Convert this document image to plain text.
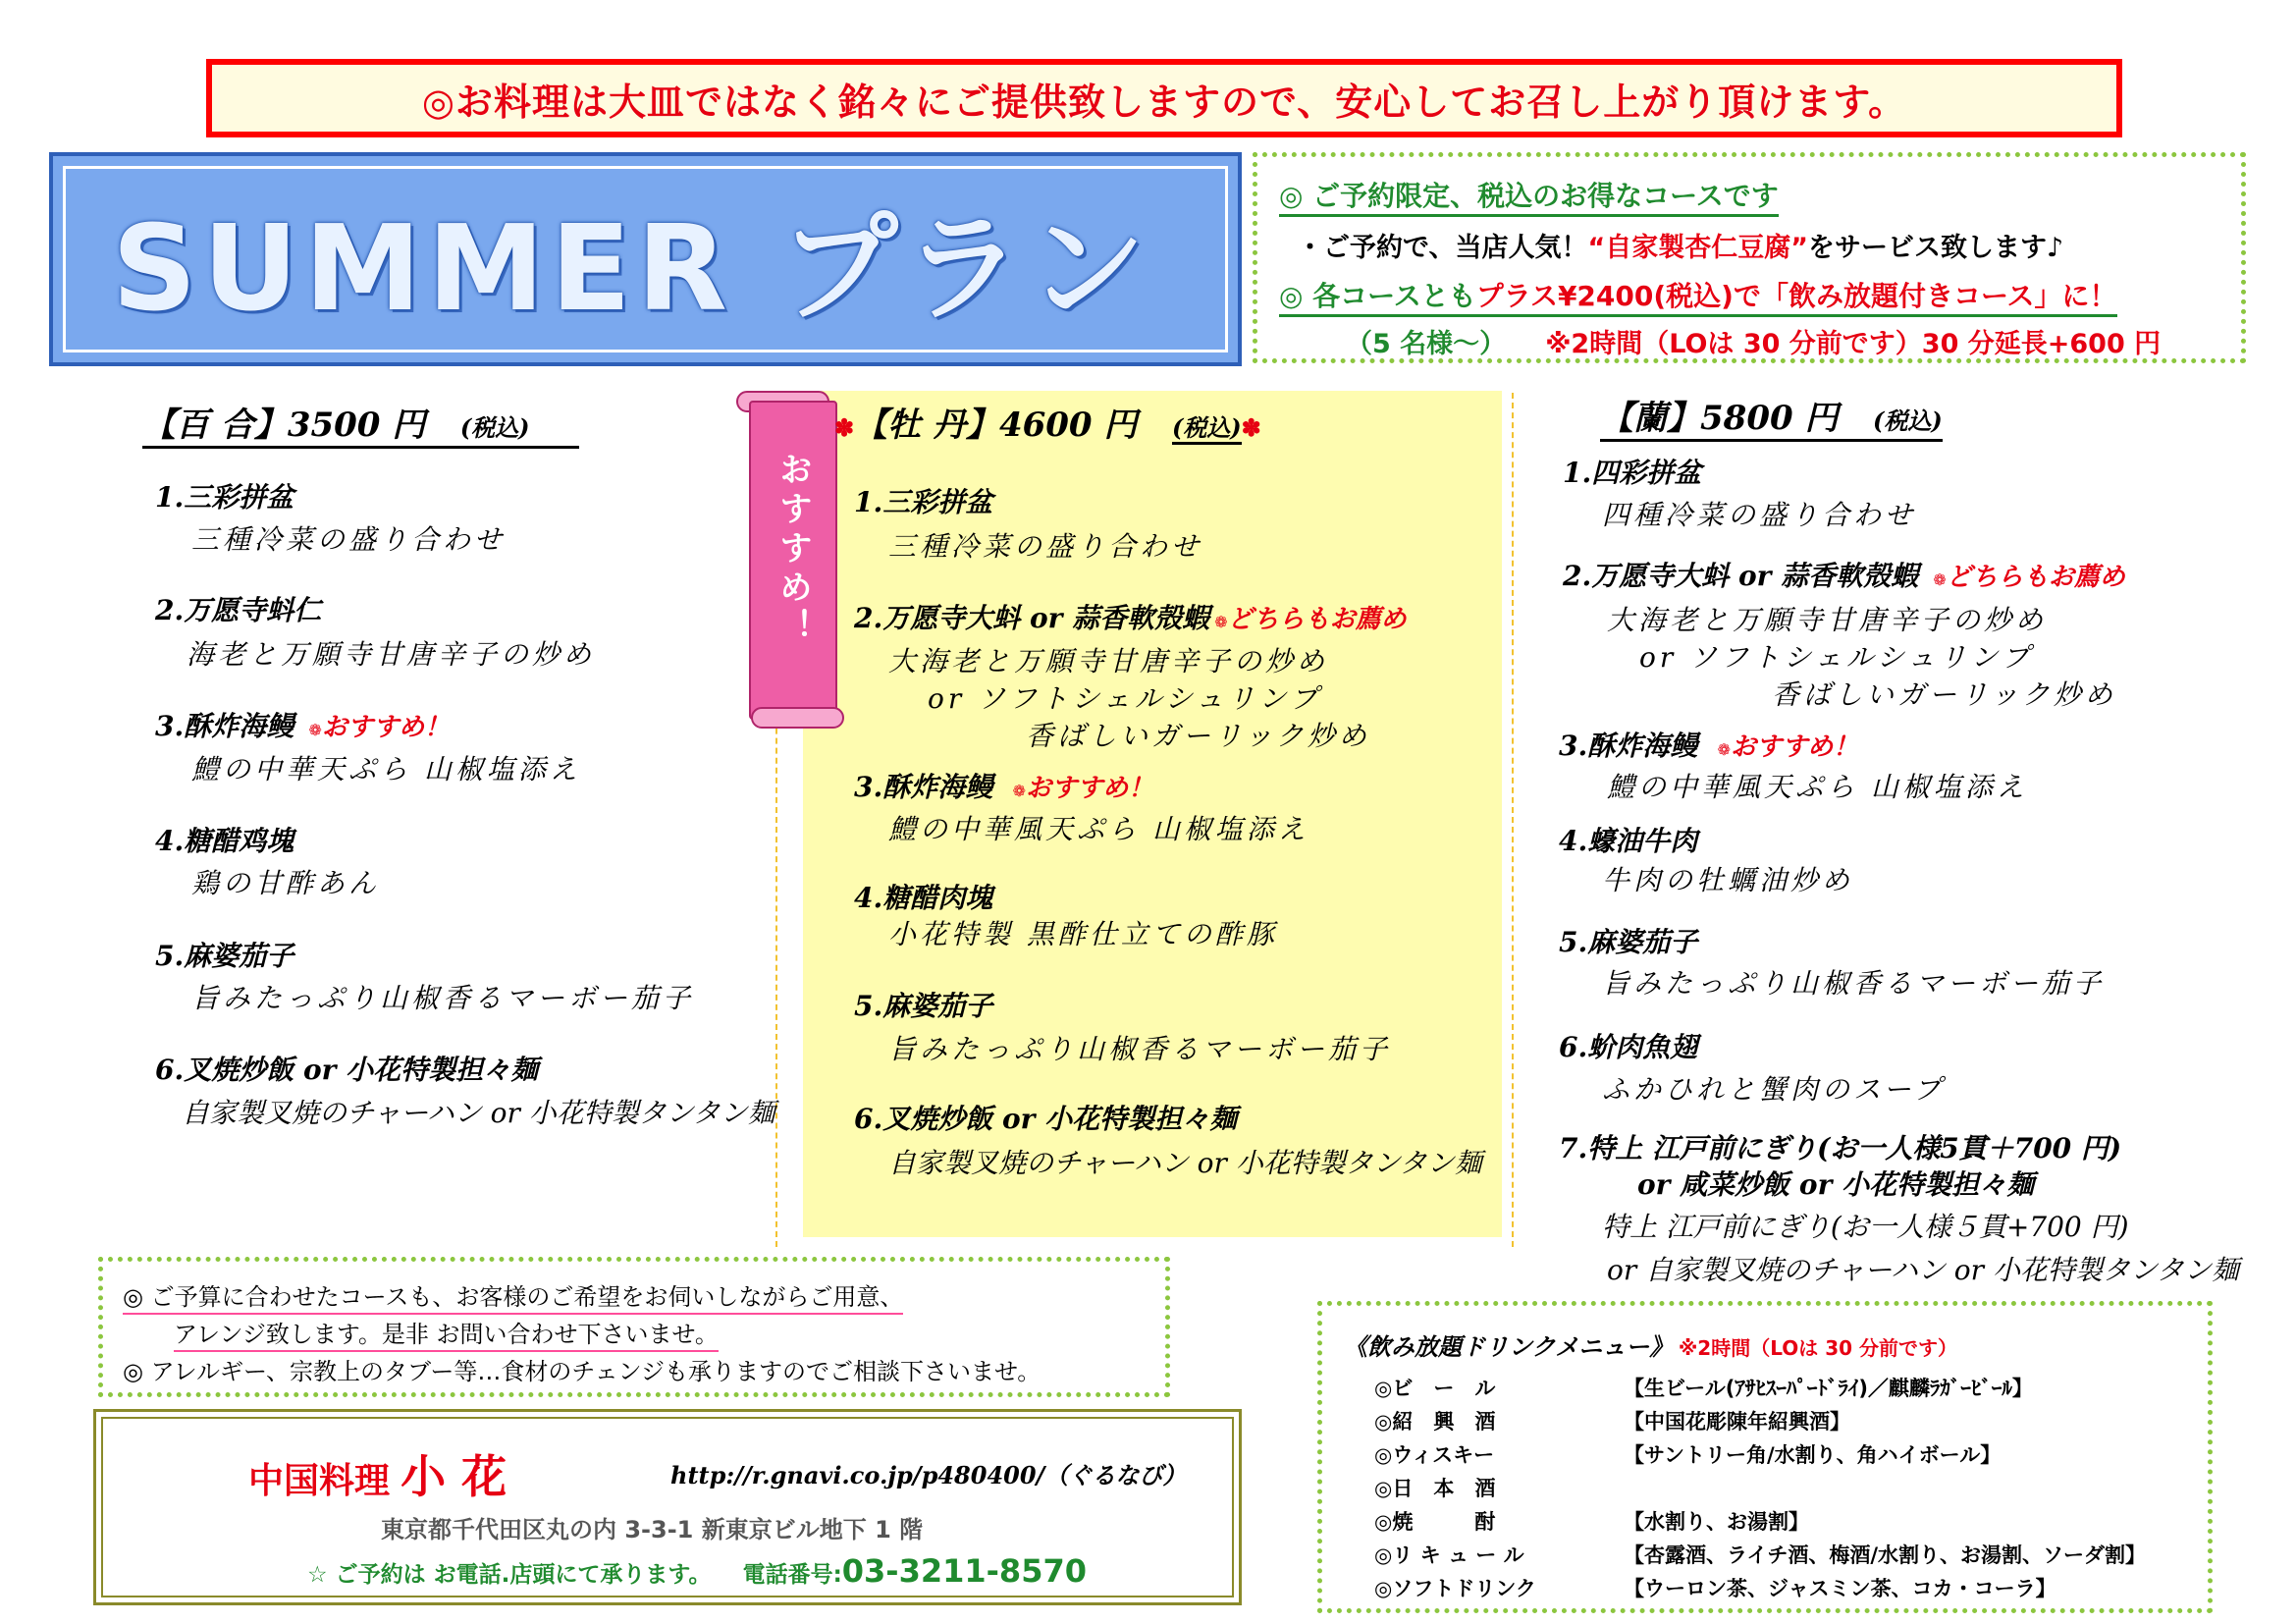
◎お料理は大皿ではなく銘々にご提供致しますので、安心してお召し上がり頂けます。
SUMMER プラン
◎ ご予約限定、税込のお得なコースです
・ご予約で、当店人気！“自家製杏仁豆腐”をサービス致します♪
◎ 各コースともプラス¥2400(税込)で「飲み放題付きコース」に！
（5 名様～） ※2時間（LOは 30 分前です）30 分延長+600 円
おすすめ！
【百 合】3500 円 (税込)
1.三彩拼盆
三種冷菜の盛り合わせ
2.万愿寺蚪仁
海老と万願寺甘唐辛子の炒め
3.酥炸海鳗 ❁おすすめ！
鱧の中華天ぷら 山椒塩添え
4.糖醋鸡塊
鶏の甘酢あん
5.麻婆茄子
旨みたっぷり山椒香るマーボー茄子
6.叉焼炒飯 or 小花特製担々麺
自家製叉焼のチャーハン or 小花特製タンタン麺
✽【牡 丹】4600 円 (税込)✽
1.三彩拼盆
三種冷菜の盛り合わせ
2.万愿寺大蚪 or 蒜香軟殻蝦 ❁どちらもお薦め
大海老と万願寺甘唐辛子の炒め
or ソフトシェルシュリンプ
香ばしいガーリック炒め
3.酥炸海鳗 ❁おすすめ！
鱧の中華風天ぷら 山椒塩添え
4.糖醋肉塊
小花特製 黒酢仕立ての酢豚
5.麻婆茄子
旨みたっぷり山椒香るマーボー茄子
6.叉焼炒飯 or 小花特製担々麺
自家製叉焼のチャーハン or 小花特製タンタン麺
【蘭】5800 円 (税込)
1.四彩拼盆
四種冷菜の盛り合わせ
2.万愿寺大蚪 or 蒜香軟殻蝦 ❁どちらもお薦め
大海老と万願寺甘唐辛子の炒め
or ソフトシェルシュリンプ
香ばしいガーリック炒め
3.酥炸海鳗 ❁おすすめ！
鱧の中華風天ぷら 山椒塩添え
4.蠔油牛肉
牛肉の牡蠣油炒め
5.麻婆茄子
旨みたっぷり山椒香るマーボー茄子
6.蚧肉魚翅
ふかひれと蟹肉のスープ
7.特上 江戸前にぎり(お一人様5貫＋700 円)
or 咸菜炒飯 or 小花特製担々麺
特上 江戸前にぎり(お一人様５貫+700 円)
or 自家製叉焼のチャーハン or 小花特製タンタン麺
◎ ご予算に合わせたコースも、お客様のご希望をお伺いしながらご用意、
アレンジ致します。是非 お問い合わせ下さいませ。
◎ アレルギー、宗教上のタブー等…食材のチェンジも承りますのでご相談下さいませ。
中国料理 小 花	http://r.gnavi.co.jp/p480400/（ぐるなび）
東京都千代田区丸の内 3-3-1 新東京ビル地下 1 階
☆ ご予約は お電話.店頭にて承ります。 電話番号:03-3211-8570
《飲み放題ドリンクメニュー》 ※2時間（LOは 30 分前です）
◎ビ　ー　ル	【生ビール(ｱｻﾋｽｰﾊﾟｰﾄﾞﾗｲ)／麒麟ﾗｶﾞｰﾋﾞｰﾙ】
◎紹　興　酒	【中国花彫陳年紹興酒】
◎ウィスキー	【サントリー角/水割り、角ハイボール】
◎日　本　酒
◎焼　　　酎	【水割り、お湯割】
◎リ キ ュ ー ル	【杏露酒、ライチ酒、梅酒/水割り、お湯割、ソーダ割】
◎ソフトドリンク	【ウーロン茶、ジャスミン茶、コカ・コーラ】
